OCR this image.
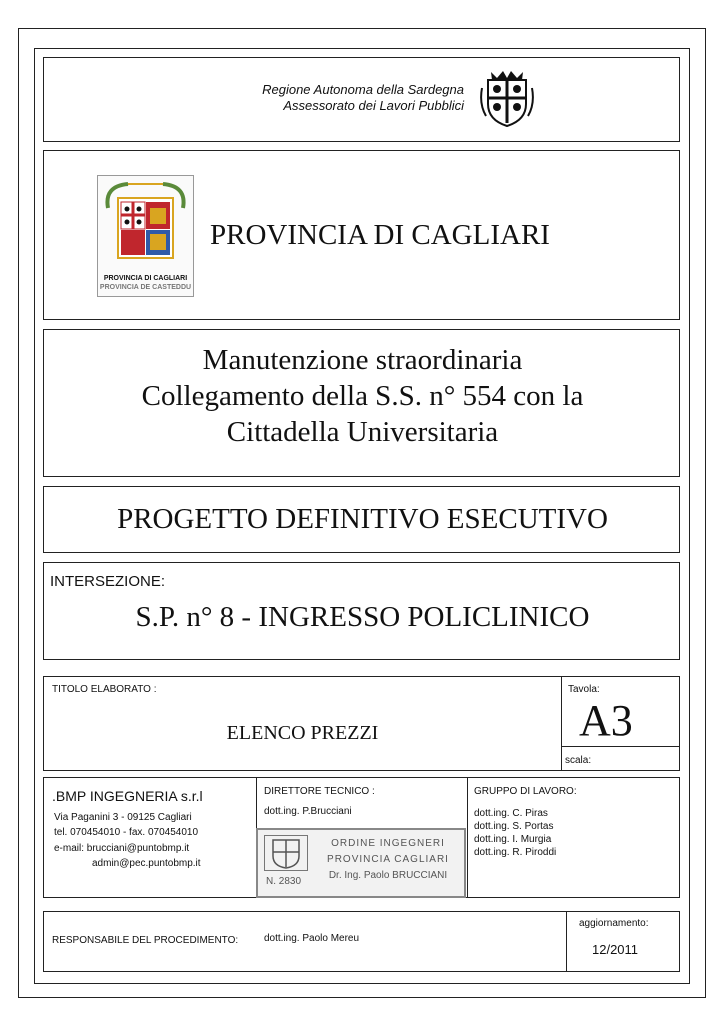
Regione Autonoma della Sardegna
Assessorato dei Lavori Pubblici
PROVINCIA DI CAGLIARI
PROVINCIA DE CASTEDDU
PROVINCIA DI CAGLIARI
Manutenzione straordinaria
Collegamento della S.S. n° 554 con la
Cittadella Universitaria
PROGETTO DEFINITIVO ESECUTIVO
INTERSEZIONE:
S.P. n° 8 - INGRESSO POLICLINICO
TITOLO ELABORATO :
ELENCO PREZZI
Tavola:
A3
scala:
.BMP INGEGNERIA s.r.l
Via Paganini 3 - 09125 Cagliari
tel. 070454010 - fax. 070454010
e-mail: brucciani@puntobmp.it
admin@pec.puntobmp.it
DIRETTORE TECNICO :
dott.ing. P.Brucciani
N. 2830
ORDINE INGEGNERI
PROVINCIA CAGLIARI
Dr. Ing. Paolo BRUCCIANI
GRUPPO DI LAVORO:
dott.ing. C. Piras
dott.ing. S. Portas
dott.ing. I. Murgia
dott.ing. R. Piroddi
RESPONSABILE DEL PROCEDIMENTO:	dott.ing. Paolo Mereu
aggiornamento:
12/2011
